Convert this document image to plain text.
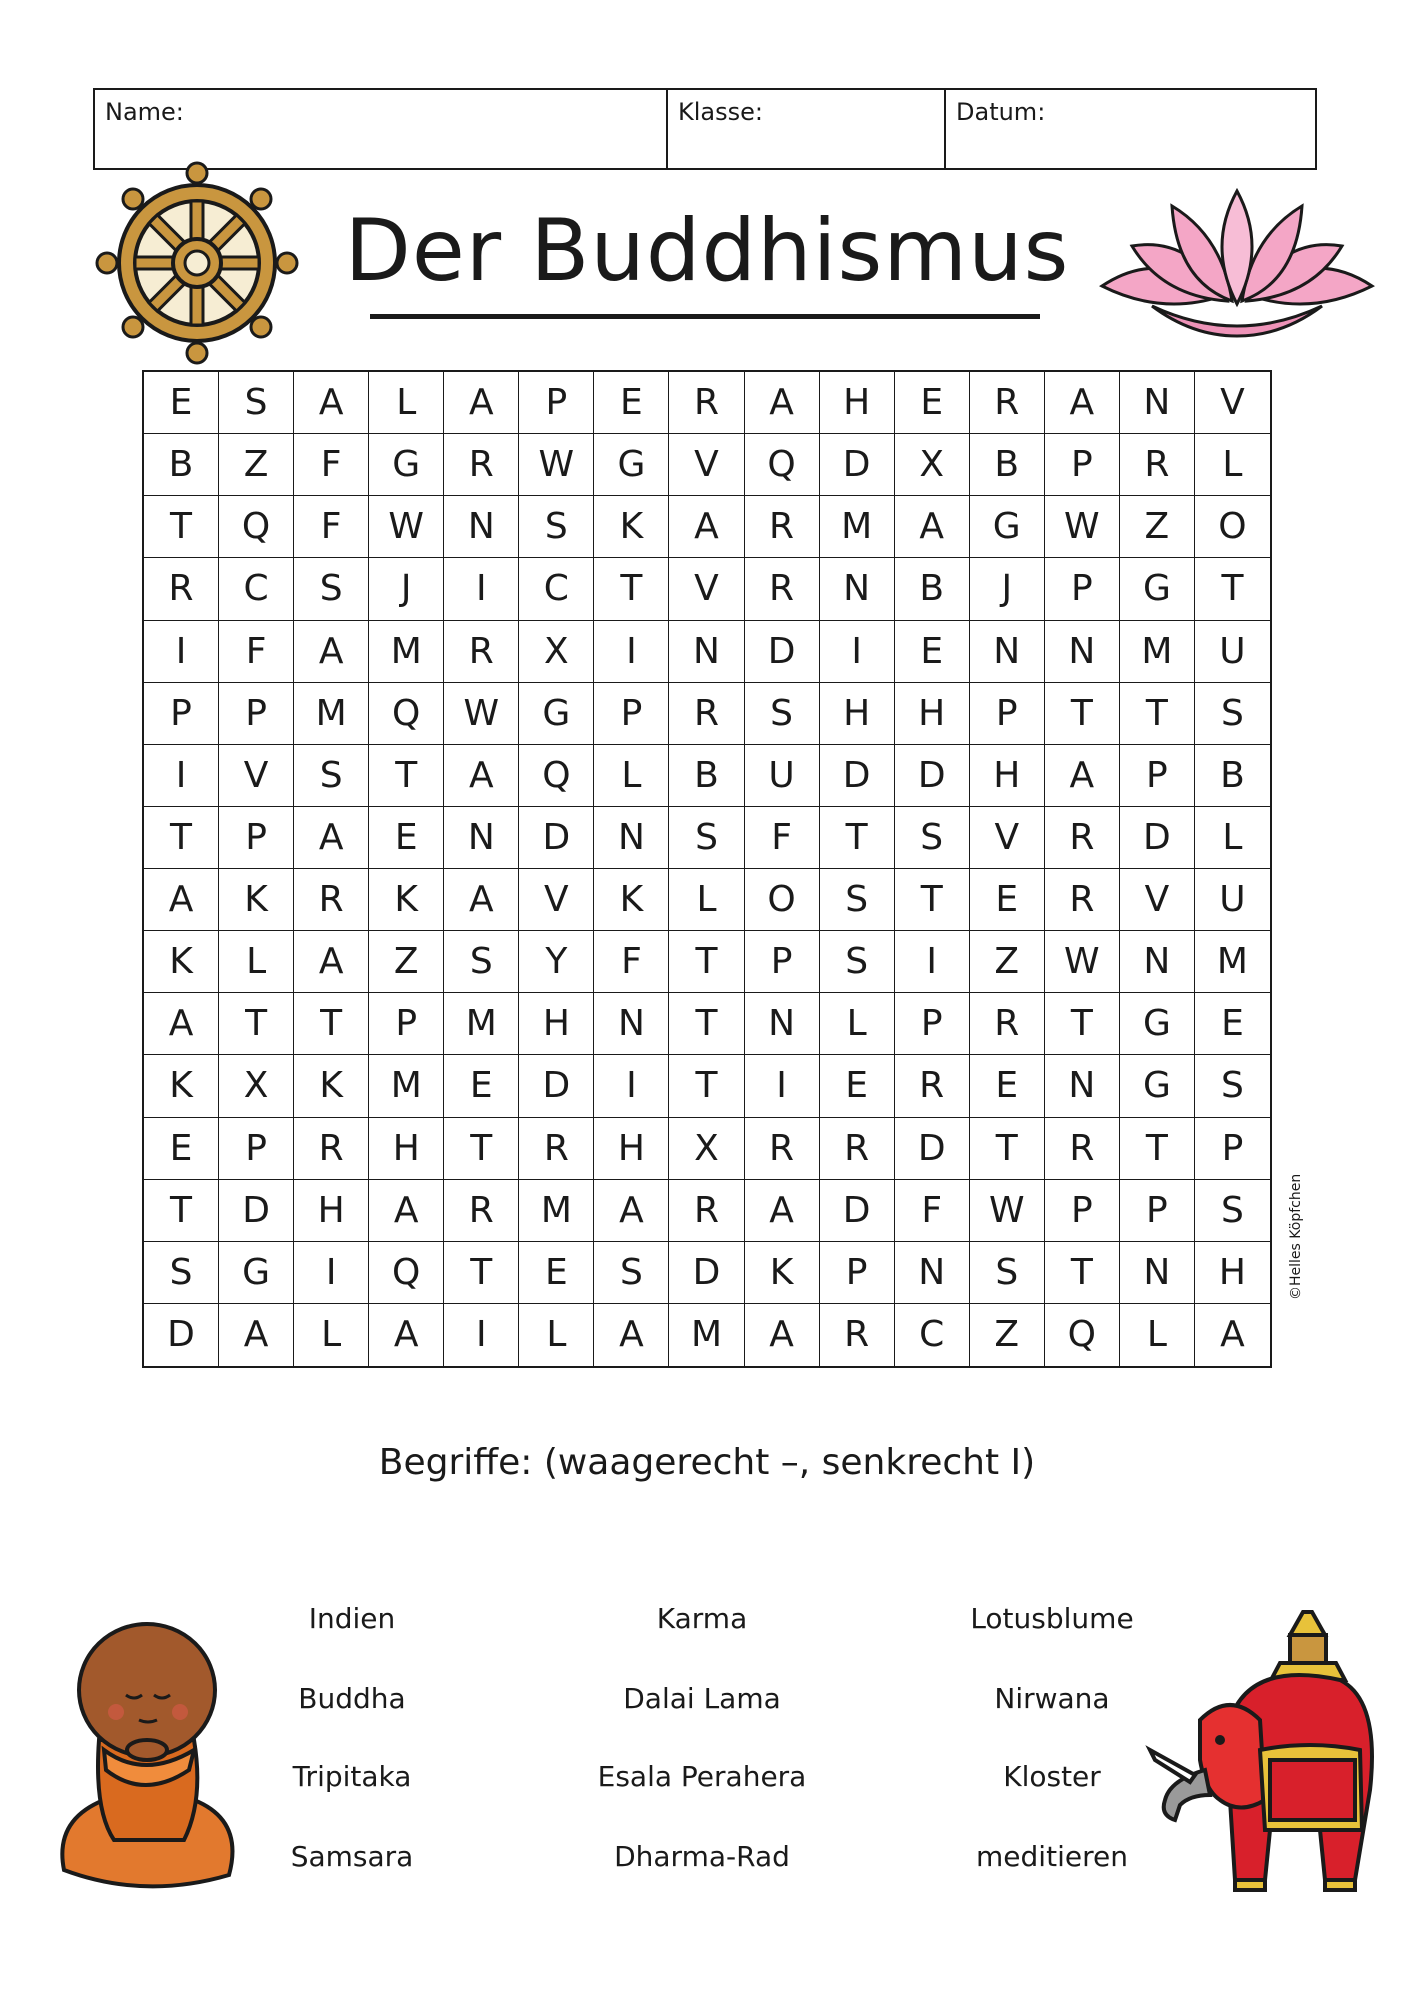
Name:	Klasse:	Datum:
Der Buddhismus
E	S	A	L	A	P	E	R	A	H	E	R	A	N	V
B	Z	F	G	R	W	G	V	Q	D	X	B	P	R	L
T	Q	F	W	N	S	K	A	R	M	A	G	W	Z	O
R	C	S	J	I	C	T	V	R	N	B	J	P	G	T
I	F	A	M	R	X	I	N	D	I	E	N	N	M	U
P	P	M	Q	W	G	P	R	S	H	H	P	T	T	S
I	V	S	T	A	Q	L	B	U	D	D	H	A	P	B
T	P	A	E	N	D	N	S	F	T	S	V	R	D	L
A	K	R	K	A	V	K	L	O	S	T	E	R	V	U
K	L	A	Z	S	Y	F	T	P	S	I	Z	W	N	M
A	T	T	P	M	H	N	T	N	L	P	R	T	G	E
K	X	K	M	E	D	I	T	I	E	R	E	N	G	S
E	P	R	H	T	R	H	X	R	R	D	T	R	T	P
T	D	H	A	R	M	A	R	A	D	F	W	P	P	S
S	G	I	Q	T	E	S	D	K	P	N	S	T	N	H
D	A	L	A	I	L	A	M	A	R	C	Z	Q	L	A
©Helles Köpfchen
Begriffe: (waagerecht –, senkrecht I)
Indien	Karma	Lotusblume
Buddha	Dalai Lama	Nirwana
Tripitaka	Esala Perahera	Kloster
Samsara	Dharma-Rad	meditieren
